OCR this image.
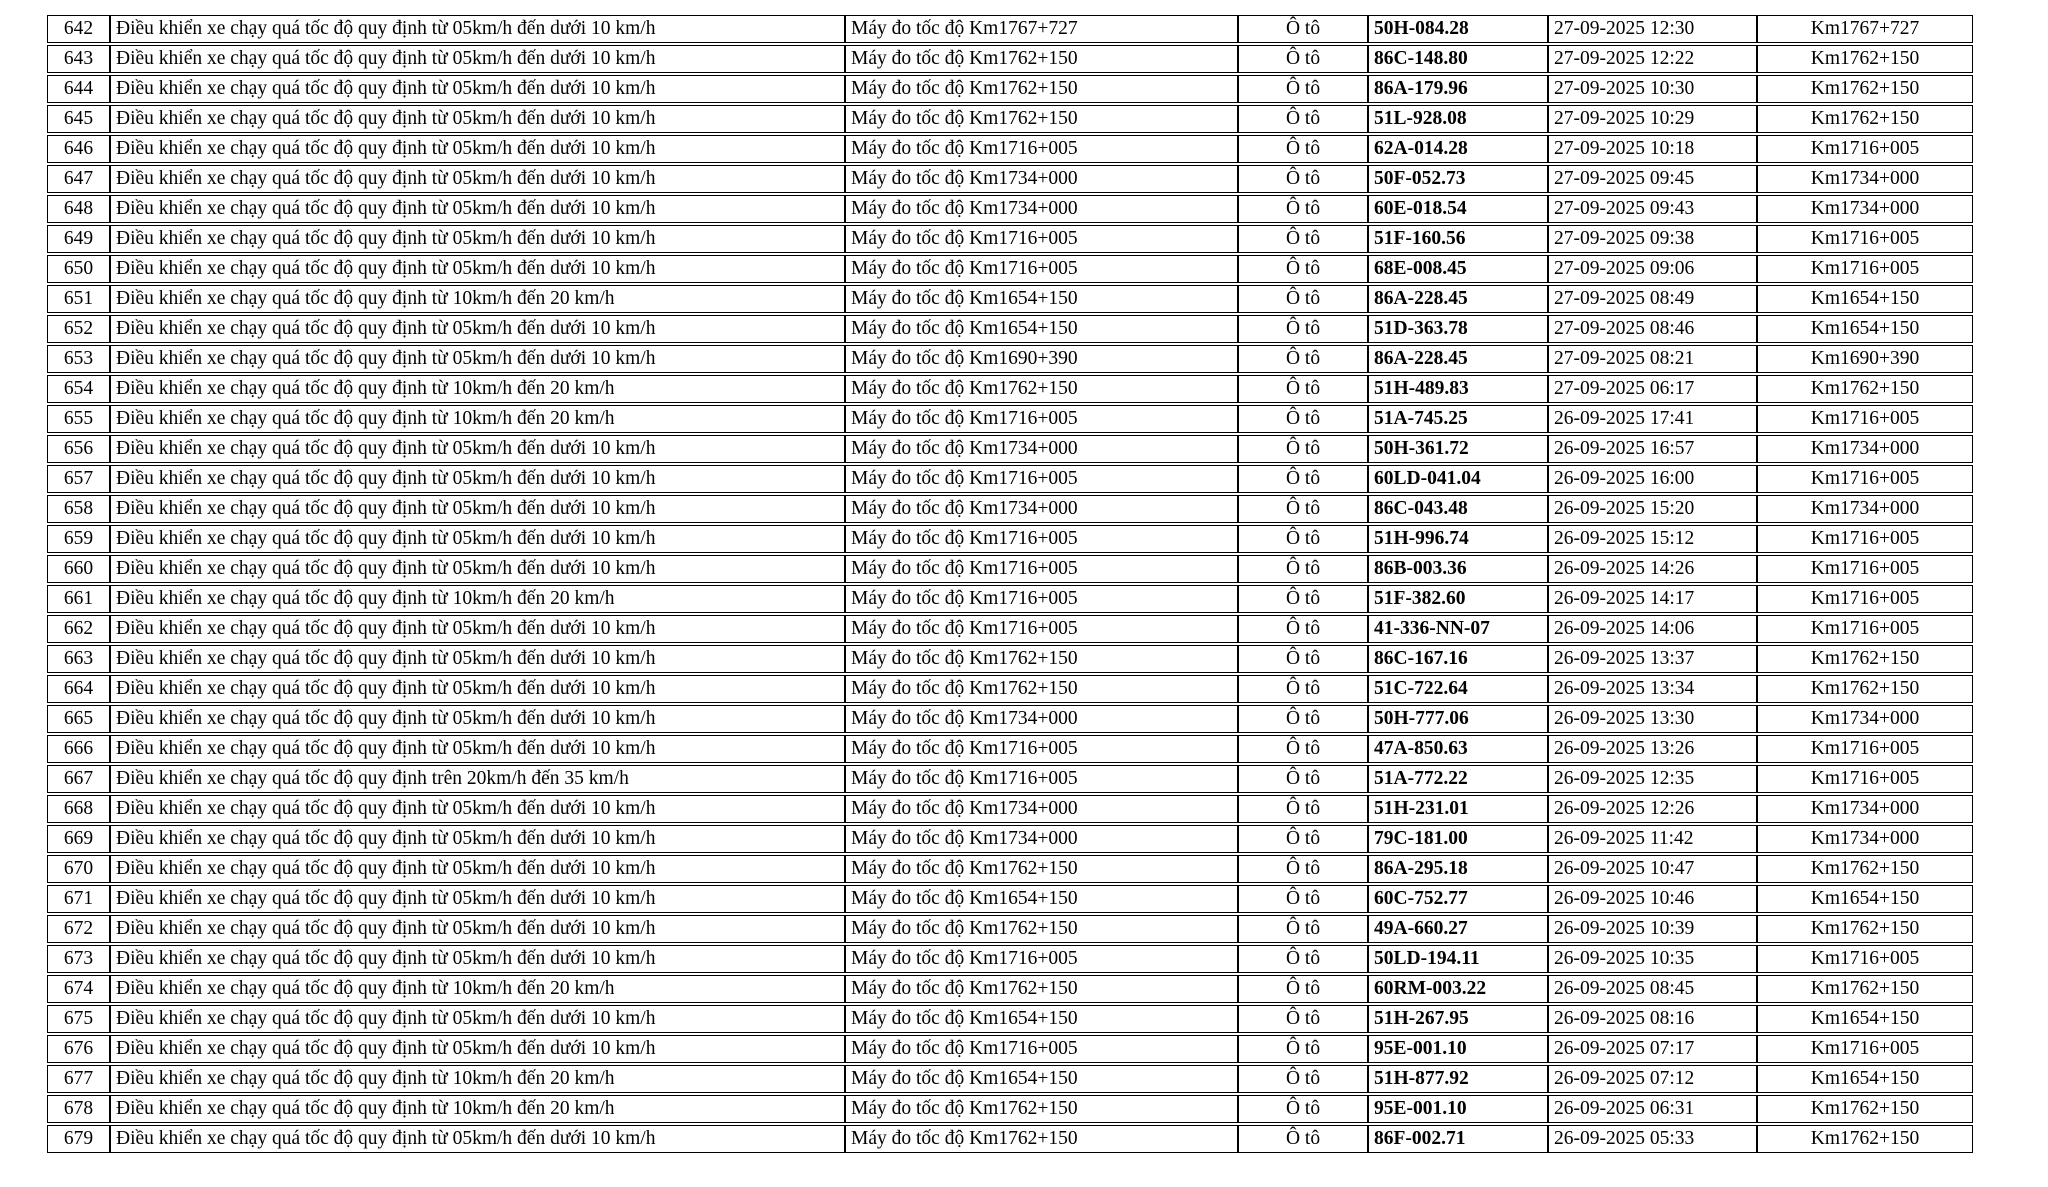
642	Điều khiển xe chạy quá tốc độ quy định từ 05km/h đến dưới 10 km/h	Máy đo tốc độ Km1767+727	Ô tô	50H-084.28	27-09-2025 12:30	Km1767+727
643	Điều khiển xe chạy quá tốc độ quy định từ 05km/h đến dưới 10 km/h	Máy đo tốc độ Km1762+150	Ô tô	86C-148.80	27-09-2025 12:22	Km1762+150
644	Điều khiển xe chạy quá tốc độ quy định từ 05km/h đến dưới 10 km/h	Máy đo tốc độ Km1762+150	Ô tô	86A-179.96	27-09-2025 10:30	Km1762+150
645	Điều khiển xe chạy quá tốc độ quy định từ 05km/h đến dưới 10 km/h	Máy đo tốc độ Km1762+150	Ô tô	51L-928.08	27-09-2025 10:29	Km1762+150
646	Điều khiển xe chạy quá tốc độ quy định từ 05km/h đến dưới 10 km/h	Máy đo tốc độ Km1716+005	Ô tô	62A-014.28	27-09-2025 10:18	Km1716+005
647	Điều khiển xe chạy quá tốc độ quy định từ 05km/h đến dưới 10 km/h	Máy đo tốc độ Km1734+000	Ô tô	50F-052.73	27-09-2025 09:45	Km1734+000
648	Điều khiển xe chạy quá tốc độ quy định từ 05km/h đến dưới 10 km/h	Máy đo tốc độ Km1734+000	Ô tô	60E-018.54	27-09-2025 09:43	Km1734+000
649	Điều khiển xe chạy quá tốc độ quy định từ 05km/h đến dưới 10 km/h	Máy đo tốc độ Km1716+005	Ô tô	51F-160.56	27-09-2025 09:38	Km1716+005
650	Điều khiển xe chạy quá tốc độ quy định từ 05km/h đến dưới 10 km/h	Máy đo tốc độ Km1716+005	Ô tô	68E-008.45	27-09-2025 09:06	Km1716+005
651	Điều khiển xe chạy quá tốc độ quy định từ 10km/h đến 20 km/h	Máy đo tốc độ Km1654+150	Ô tô	86A-228.45	27-09-2025 08:49	Km1654+150
652	Điều khiển xe chạy quá tốc độ quy định từ 05km/h đến dưới 10 km/h	Máy đo tốc độ Km1654+150	Ô tô	51D-363.78	27-09-2025 08:46	Km1654+150
653	Điều khiển xe chạy quá tốc độ quy định từ 05km/h đến dưới 10 km/h	Máy đo tốc độ Km1690+390	Ô tô	86A-228.45	27-09-2025 08:21	Km1690+390
654	Điều khiển xe chạy quá tốc độ quy định từ 10km/h đến 20 km/h	Máy đo tốc độ Km1762+150	Ô tô	51H-489.83	27-09-2025 06:17	Km1762+150
655	Điều khiển xe chạy quá tốc độ quy định từ 10km/h đến 20 km/h	Máy đo tốc độ Km1716+005	Ô tô	51A-745.25	26-09-2025 17:41	Km1716+005
656	Điều khiển xe chạy quá tốc độ quy định từ 05km/h đến dưới 10 km/h	Máy đo tốc độ Km1734+000	Ô tô	50H-361.72	26-09-2025 16:57	Km1734+000
657	Điều khiển xe chạy quá tốc độ quy định từ 05km/h đến dưới 10 km/h	Máy đo tốc độ Km1716+005	Ô tô	60LD-041.04	26-09-2025 16:00	Km1716+005
658	Điều khiển xe chạy quá tốc độ quy định từ 05km/h đến dưới 10 km/h	Máy đo tốc độ Km1734+000	Ô tô	86C-043.48	26-09-2025 15:20	Km1734+000
659	Điều khiển xe chạy quá tốc độ quy định từ 05km/h đến dưới 10 km/h	Máy đo tốc độ Km1716+005	Ô tô	51H-996.74	26-09-2025 15:12	Km1716+005
660	Điều khiển xe chạy quá tốc độ quy định từ 05km/h đến dưới 10 km/h	Máy đo tốc độ Km1716+005	Ô tô	86B-003.36	26-09-2025 14:26	Km1716+005
661	Điều khiển xe chạy quá tốc độ quy định từ 10km/h đến 20 km/h	Máy đo tốc độ Km1716+005	Ô tô	51F-382.60	26-09-2025 14:17	Km1716+005
662	Điều khiển xe chạy quá tốc độ quy định từ 05km/h đến dưới 10 km/h	Máy đo tốc độ Km1716+005	Ô tô	41-336-NN-07	26-09-2025 14:06	Km1716+005
663	Điều khiển xe chạy quá tốc độ quy định từ 05km/h đến dưới 10 km/h	Máy đo tốc độ Km1762+150	Ô tô	86C-167.16	26-09-2025 13:37	Km1762+150
664	Điều khiển xe chạy quá tốc độ quy định từ 05km/h đến dưới 10 km/h	Máy đo tốc độ Km1762+150	Ô tô	51C-722.64	26-09-2025 13:34	Km1762+150
665	Điều khiển xe chạy quá tốc độ quy định từ 05km/h đến dưới 10 km/h	Máy đo tốc độ Km1734+000	Ô tô	50H-777.06	26-09-2025 13:30	Km1734+000
666	Điều khiển xe chạy quá tốc độ quy định từ 05km/h đến dưới 10 km/h	Máy đo tốc độ Km1716+005	Ô tô	47A-850.63	26-09-2025 13:26	Km1716+005
667	Điều khiển xe chạy quá tốc độ quy định trên 20km/h đến 35 km/h	Máy đo tốc độ Km1716+005	Ô tô	51A-772.22	26-09-2025 12:35	Km1716+005
668	Điều khiển xe chạy quá tốc độ quy định từ 05km/h đến dưới 10 km/h	Máy đo tốc độ Km1734+000	Ô tô	51H-231.01	26-09-2025 12:26	Km1734+000
669	Điều khiển xe chạy quá tốc độ quy định từ 05km/h đến dưới 10 km/h	Máy đo tốc độ Km1734+000	Ô tô	79C-181.00	26-09-2025 11:42	Km1734+000
670	Điều khiển xe chạy quá tốc độ quy định từ 05km/h đến dưới 10 km/h	Máy đo tốc độ Km1762+150	Ô tô	86A-295.18	26-09-2025 10:47	Km1762+150
671	Điều khiển xe chạy quá tốc độ quy định từ 05km/h đến dưới 10 km/h	Máy đo tốc độ Km1654+150	Ô tô	60C-752.77	26-09-2025 10:46	Km1654+150
672	Điều khiển xe chạy quá tốc độ quy định từ 05km/h đến dưới 10 km/h	Máy đo tốc độ Km1762+150	Ô tô	49A-660.27	26-09-2025 10:39	Km1762+150
673	Điều khiển xe chạy quá tốc độ quy định từ 05km/h đến dưới 10 km/h	Máy đo tốc độ Km1716+005	Ô tô	50LD-194.11	26-09-2025 10:35	Km1716+005
674	Điều khiển xe chạy quá tốc độ quy định từ 10km/h đến 20 km/h	Máy đo tốc độ Km1762+150	Ô tô	60RM-003.22	26-09-2025 08:45	Km1762+150
675	Điều khiển xe chạy quá tốc độ quy định từ 05km/h đến dưới 10 km/h	Máy đo tốc độ Km1654+150	Ô tô	51H-267.95	26-09-2025 08:16	Km1654+150
676	Điều khiển xe chạy quá tốc độ quy định từ 05km/h đến dưới 10 km/h	Máy đo tốc độ Km1716+005	Ô tô	95E-001.10	26-09-2025 07:17	Km1716+005
677	Điều khiển xe chạy quá tốc độ quy định từ 10km/h đến 20 km/h	Máy đo tốc độ Km1654+150	Ô tô	51H-877.92	26-09-2025 07:12	Km1654+150
678	Điều khiển xe chạy quá tốc độ quy định từ 10km/h đến 20 km/h	Máy đo tốc độ Km1762+150	Ô tô	95E-001.10	26-09-2025 06:31	Km1762+150
679	Điều khiển xe chạy quá tốc độ quy định từ 05km/h đến dưới 10 km/h	Máy đo tốc độ Km1762+150	Ô tô	86F-002.71	26-09-2025 05:33	Km1762+150
